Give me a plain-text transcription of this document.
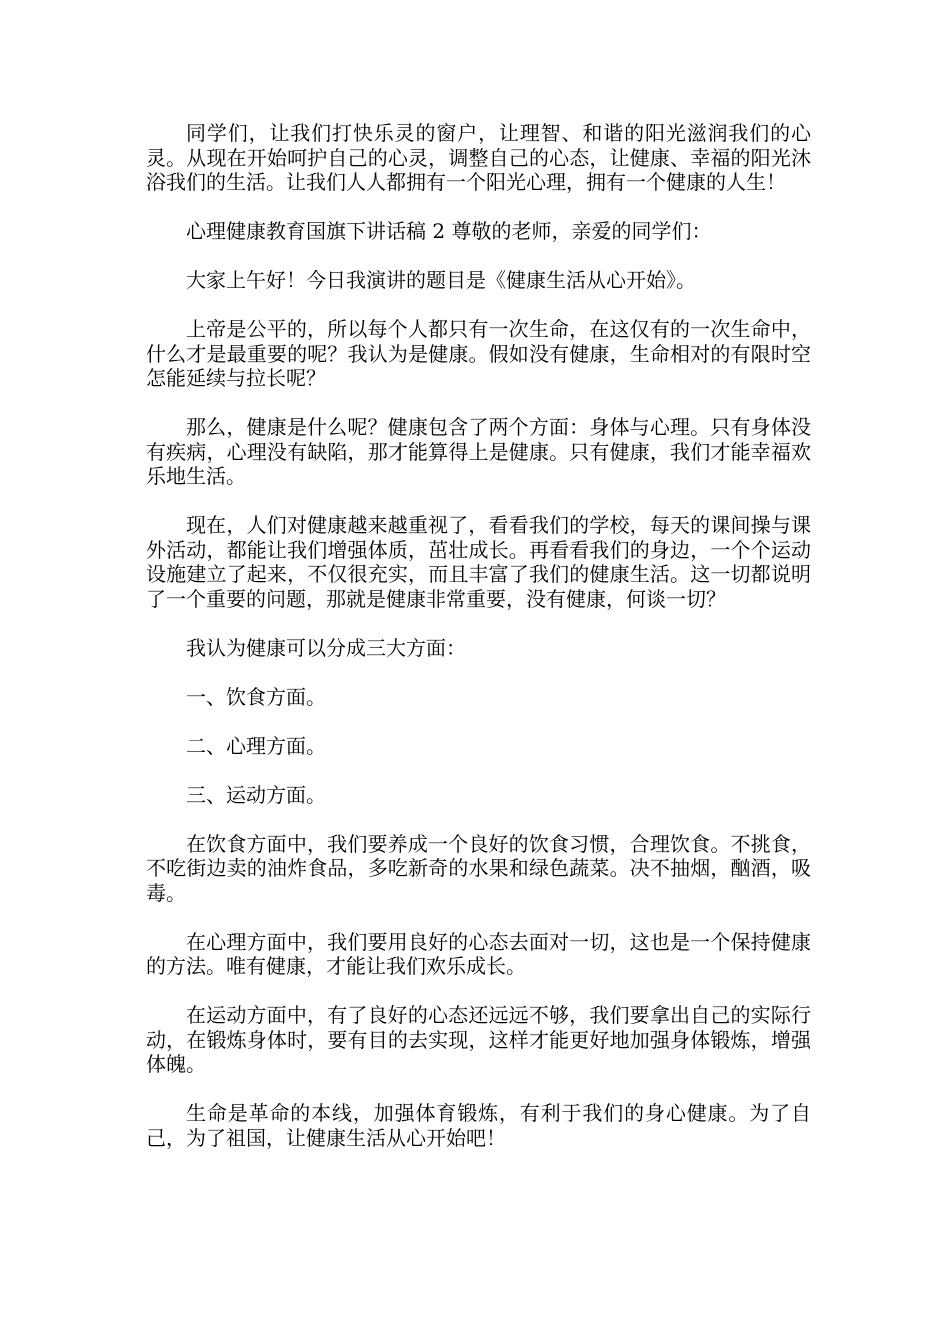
同学们，让我们打快乐灵的窗户，让理智、和谐的阳光滋润我们的心灵。从现在开始呵护自己的心灵，调整自己的心态，让健康、幸福的阳光沐浴我们的生活。让我们人人都拥有一个阳光心理，拥有一个健康的人生！

心理健康教育国旗下讲话稿 2 尊敬的老师，亲爱的同学们：

大家上午好！今日我演讲的题目是《健康生活从心开始》。

上帝是公平的，所以每个人都只有一次生命，在这仅有的一次生命中，什么才是最重要的呢？我认为是健康。假如没有健康，生命相对的有限时空怎能延续与拉长呢？

那么，健康是什么呢？健康包含了两个方面：身体与心理。只有身体没有疾病，心理没有缺陷，那才能算得上是健康。只有健康，我们才能幸福欢乐地生活。

现在，人们对健康越来越重视了，看看我们的学校，每天的课间操与课外活动，都能让我们增强体质，茁壮成长。再看看我们的身边，一个个运动设施建立了起来，不仅很充实，而且丰富了我们的健康生活。这一切都说明了一个重要的问题，那就是健康非常重要，没有健康，何谈一切？

我认为健康可以分成三大方面：

一、饮食方面。

二、心理方面。

三、运动方面。

在饮食方面中，我们要养成一个良好的饮食习惯，合理饮食。不挑食，不吃街边卖的油炸食品，多吃新奇的水果和绿色蔬菜。决不抽烟，酗酒，吸毒。

在心理方面中，我们要用良好的心态去面对一切，这也是一个保持健康的方法。唯有健康，才能让我们欢乐成长。

在运动方面中，有了良好的心态还远远不够，我们要拿出自己的实际行动，在锻炼身体时，要有目的去实现，这样才能更好地加强身体锻炼，增强体魄。

生命是革命的本线，加强体育锻炼，有利于我们的身心健康。为了自己，为了祖国，让健康生活从心开始吧！
